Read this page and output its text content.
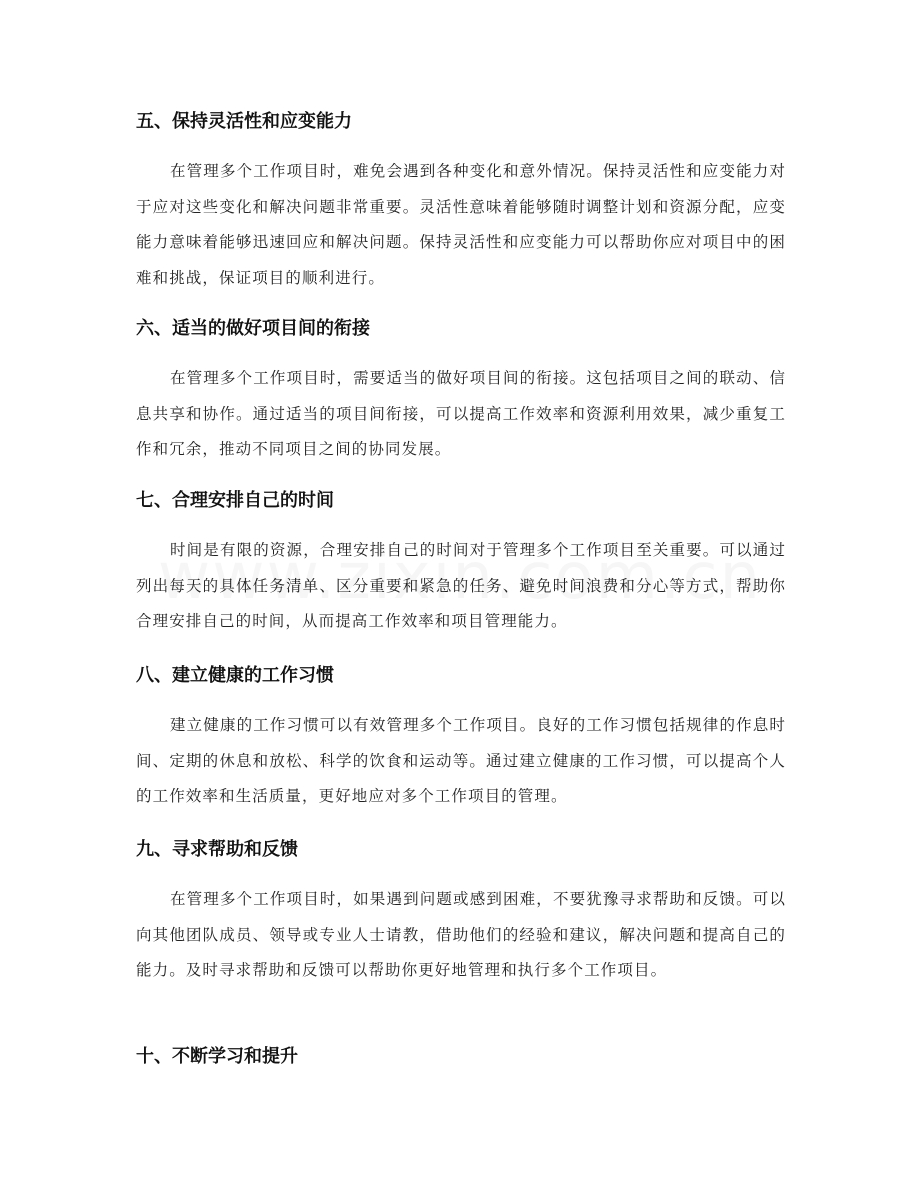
五、保持灵活性和应变能力

在管理多个工作项目时，难免会遇到各种变化和意外情况。保持灵活性和应变能力对于应对这些变化和解决问题非常重要。灵活性意味着能够随时调整计划和资源分配，应变能力意味着能够迅速回应和解决问题。保持灵活性和应变能力可以帮助你应对项目中的困难和挑战，保证项目的顺利进行。

六、适当的做好项目间的衔接

在管理多个工作项目时，需要适当的做好项目间的衔接。这包括项目之间的联动、信息共享和协作。通过适当的项目间衔接，可以提高工作效率和资源利用效果，减少重复工作和冗余，推动不同项目之间的协同发展。

七、合理安排自己的时间

时间是有限的资源，合理安排自己的时间对于管理多个工作项目至关重要。可以通过列出每天的具体任务清单、区分重要和紧急的任务、避免时间浪费和分心等方式，帮助你合理安排自己的时间，从而提高工作效率和项目管理能力。

八、建立健康的工作习惯

建立健康的工作习惯可以有效管理多个工作项目。良好的工作习惯包括规律的作息时间、定期的休息和放松、科学的饮食和运动等。通过建立健康的工作习惯，可以提高个人的工作效率和生活质量，更好地应对多个工作项目的管理。

九、寻求帮助和反馈

在管理多个工作项目时，如果遇到问题或感到困难，不要犹豫寻求帮助和反馈。可以向其他团队成员、领导或专业人士请教，借助他们的经验和建议，解决问题和提高自己的能力。及时寻求帮助和反馈可以帮助你更好地管理和执行多个工作项目。

十、不断学习和提升
